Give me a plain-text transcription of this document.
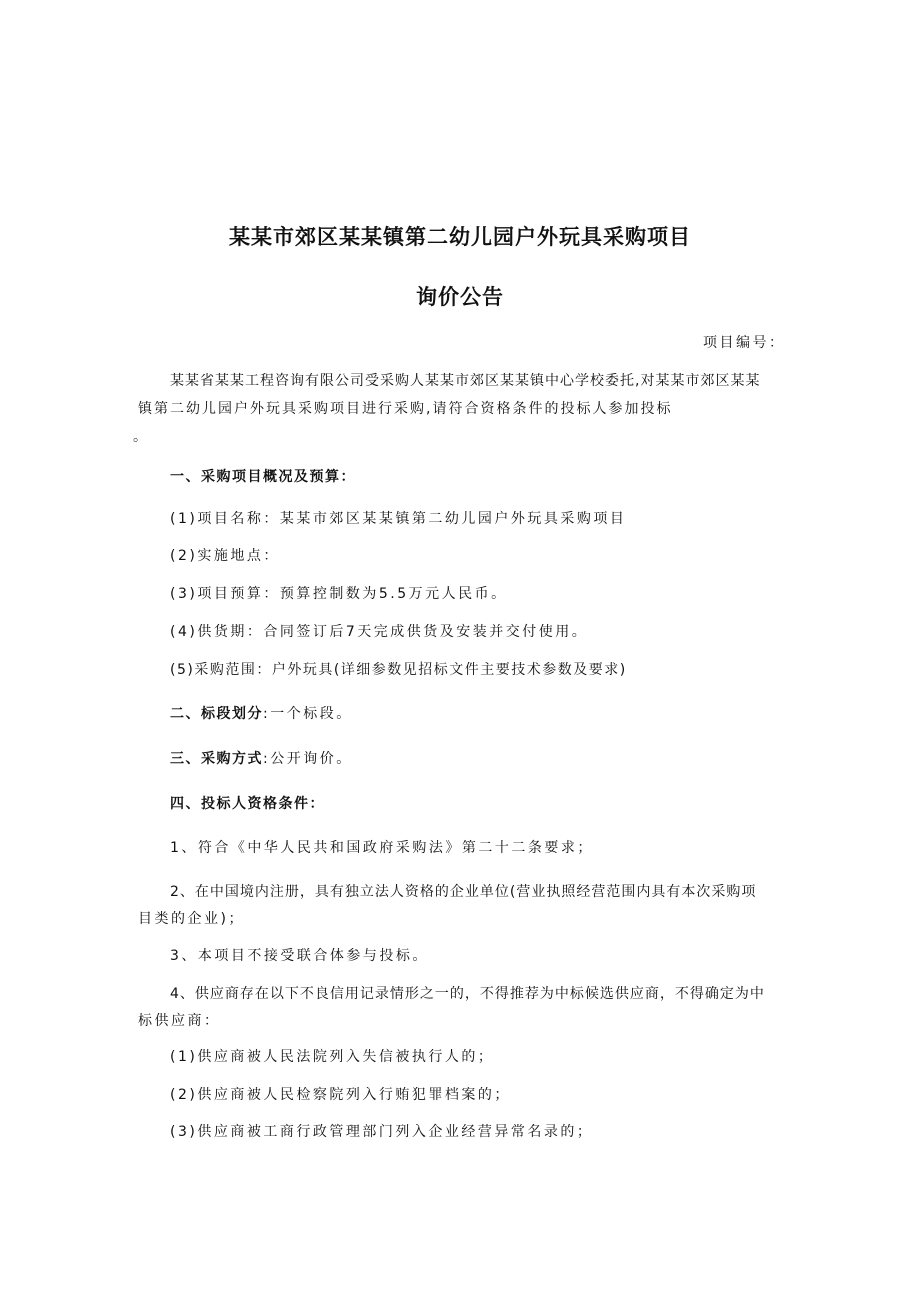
某某市郊区某某镇第二幼儿园户外玩具采购项目
询价公告
项目编号：
某某省某某工程咨询有限公司受采购人某某市郊区某某镇中心学校委托,对某某市郊区某某
镇第二幼儿园户外玩具采购项目进行采购,请符合资格条件的投标人参加投标
。
一、采购项目概况及预算：
(1)项目名称：某某市郊区某某镇第二幼儿园户外玩具采购项目
(2)实施地点：
(3)项目预算：预算控制数为5.5万元人民币。
(4)供货期：合同签订后7天完成供货及安装并交付使用。
(5)采购范围：户外玩具(详细参数见招标文件主要技术参数及要求)
二、标段划分:一个标段。
三、采购方式:公开询价。
四、投标人资格条件：
1、符合《中华人民共和国政府采购法》第二十二条要求；
2、在中国境内注册，具有独立法人资格的企业单位(营业执照经营范围内具有本次采购项
目类的企业)；
3、本项目不接受联合体参与投标。
4、供应商存在以下不良信用记录情形之一的，不得推荐为中标候选供应商，不得确定为中
标供应商：
(1)供应商被人民法院列入失信被执行人的；
(2)供应商被人民检察院列入行贿犯罪档案的；
(3)供应商被工商行政管理部门列入企业经营异常名录的；
